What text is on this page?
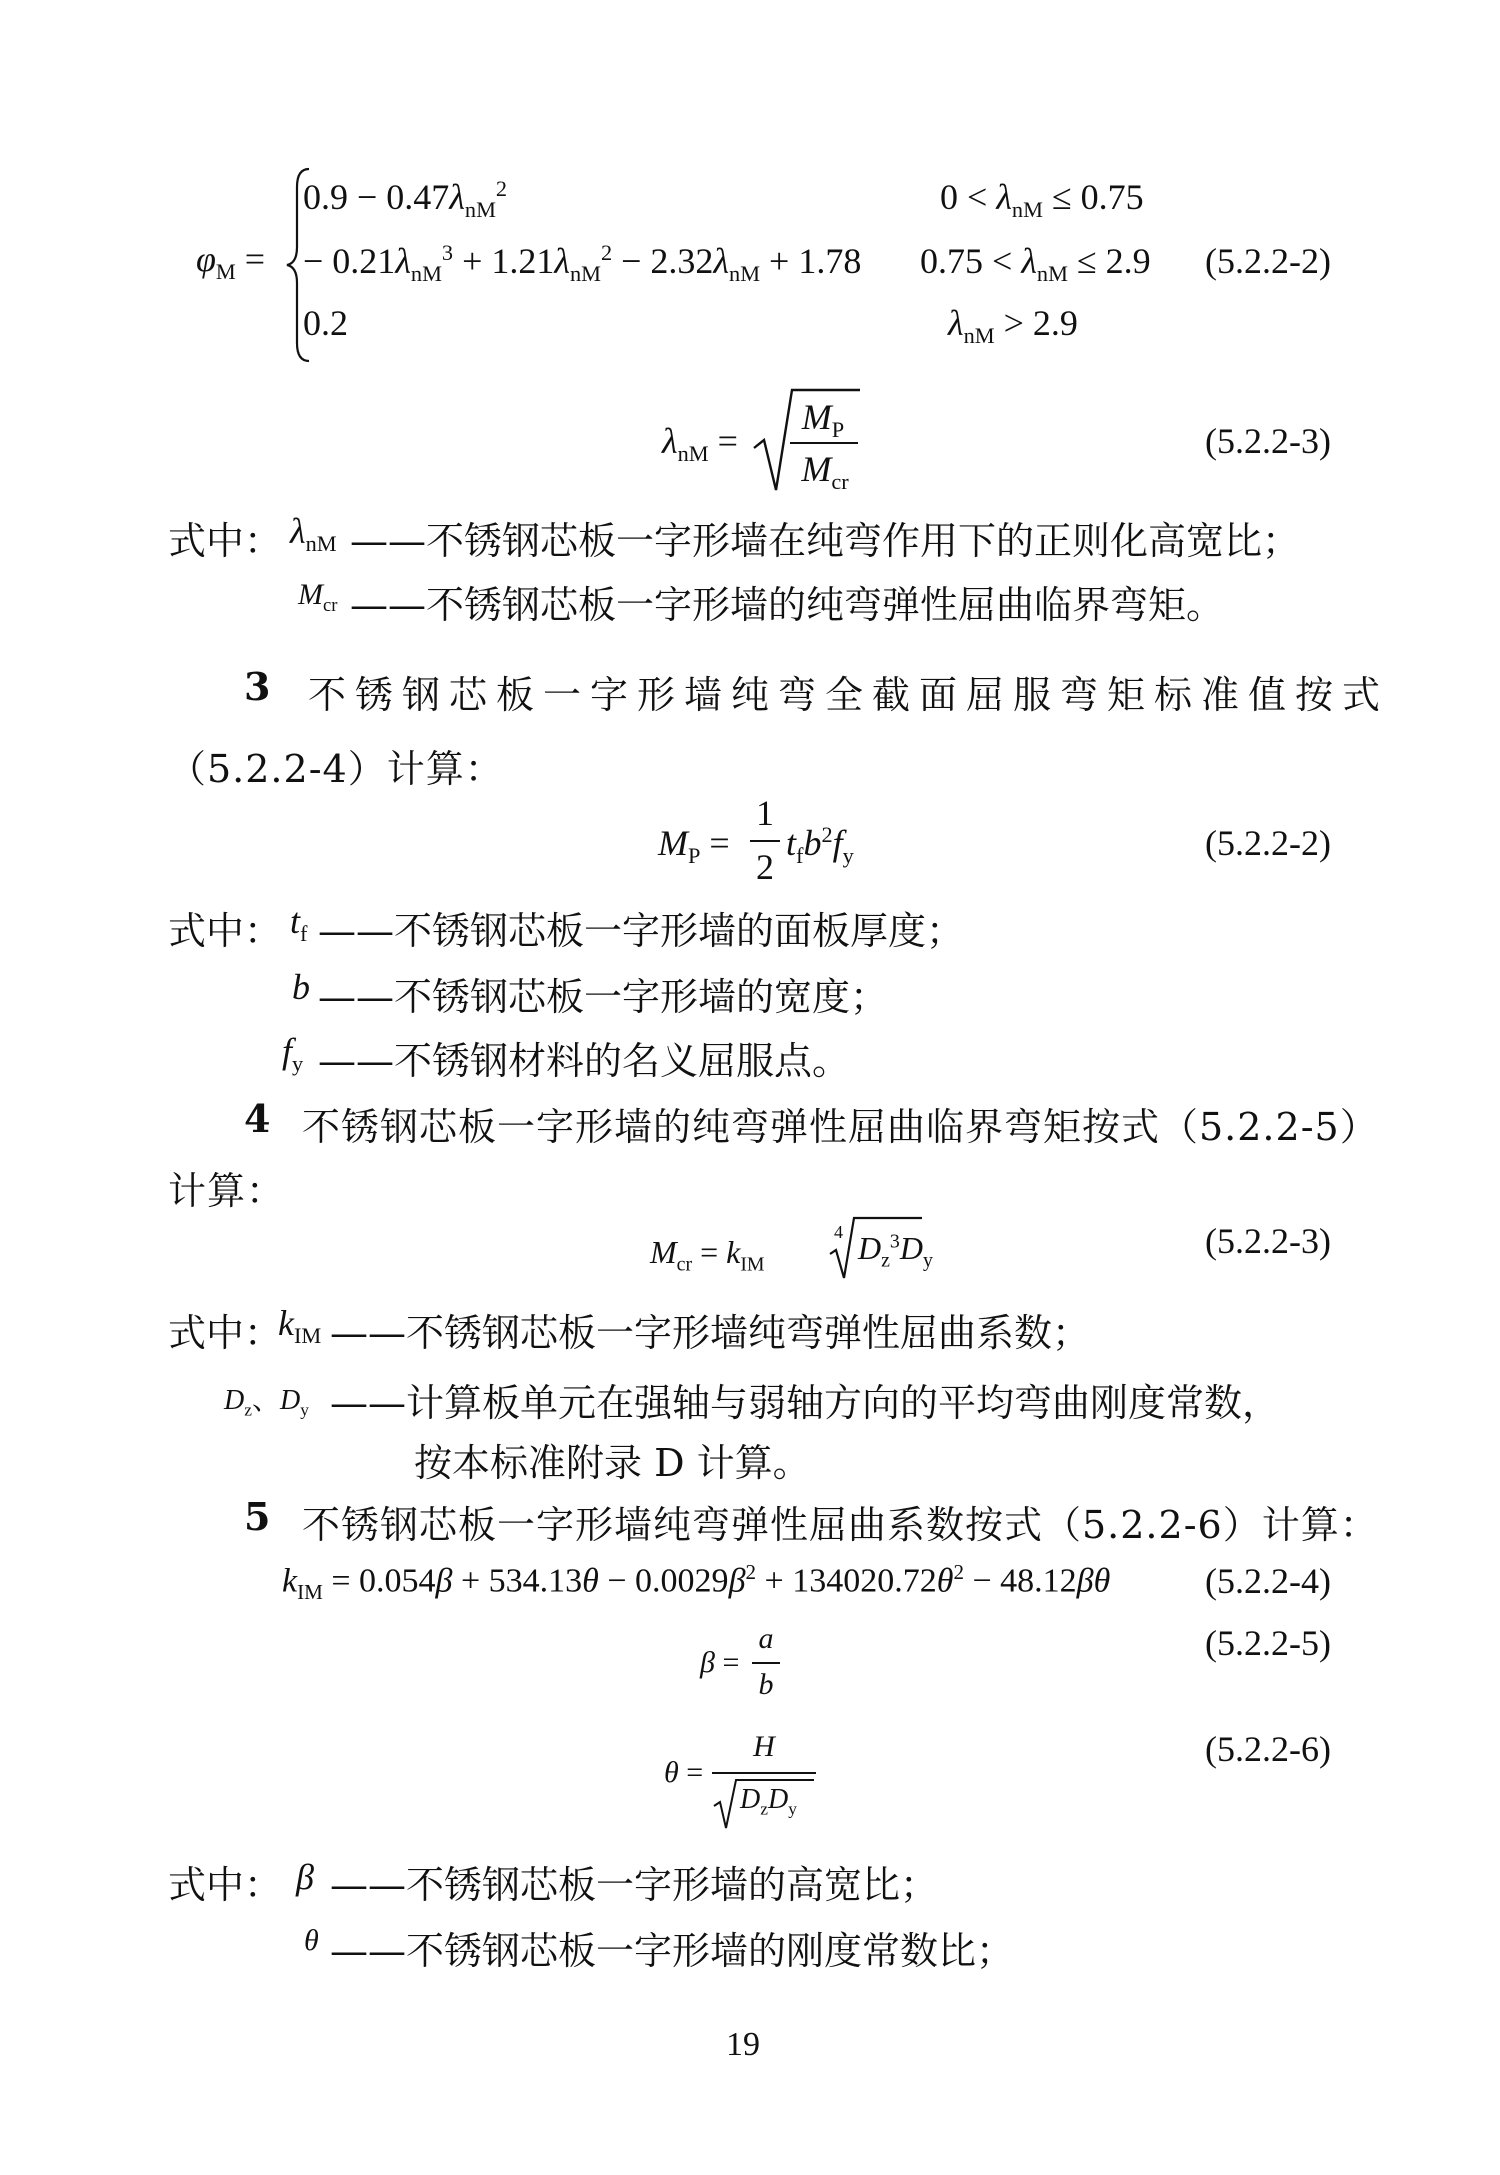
$\varphi_M$ =
$0.9 - 0.47\lambda_{nM}^2$	$0 < \lambda_{nM} \le 0.75$
− $0.21\lambda_{nM}^3 + 1.21\lambda_{nM}^2 - 2.32\lambda_{nM} + 1.78$ $0.75 < \lambda_{nM} \le 2.9$
0.2	$\lambda_{nM} > 2.9$
(5.2.2-2)
$\lambda_{nM}$ =
$M_P$
$M_{cr}$
(5.2.2-3)
式中： $\lambda_{nM}$ ——不锈钢芯板一字形墙在纯弯作用下的正则化高宽比；
$M_{cr}$ ——不锈钢芯板一字形墙的纯弯弹性屈曲临界弯矩。
3 不锈钢芯板一字形墙纯弯全截面屈服弯矩标准值按式
（5.2.2-4）计算：
$M_P$ =
1
2
$t_fb^2f_y$	(5.2.2-2)
式中： $t_f$ ——不锈钢芯板一字形墙的面板厚度；
b ——不锈钢芯板一字形墙的宽度；
$f_y$ ——不锈钢材料的名义屈服点。
4 不锈钢芯板一字形墙的纯弯弹性屈曲临界弯矩按式（5.2.2-5）
计算：
$M_{cr} = k_{IM}$
4 $D_z^3D_y$	(5.2.2-3)
式中：
$k_{IM}$ ——不锈钢芯板一字形墙纯弯弹性屈曲系数；
$D_z$、$D_y$ ——计算板单元在强轴与弱轴方向的平均弯曲刚度常数，
按本标准附录 D 计算。
5 不锈钢芯板一字形墙纯弯弹性屈曲系数按式（5.2.2-6）计算：
$k_{IM} = 0.054\beta + 534.13\theta - 0.0029\beta^2 + 134020.72\theta^2 - 48.12\beta\theta$	(5.2.2-4)
β =
a
b
(5.2.2-5)
θ =
H
$D_zD_y$
(5.2.2-6)
式中： β ——不锈钢芯板一字形墙的高宽比；
θ ——不锈钢芯板一字形墙的刚度常数比；
19
